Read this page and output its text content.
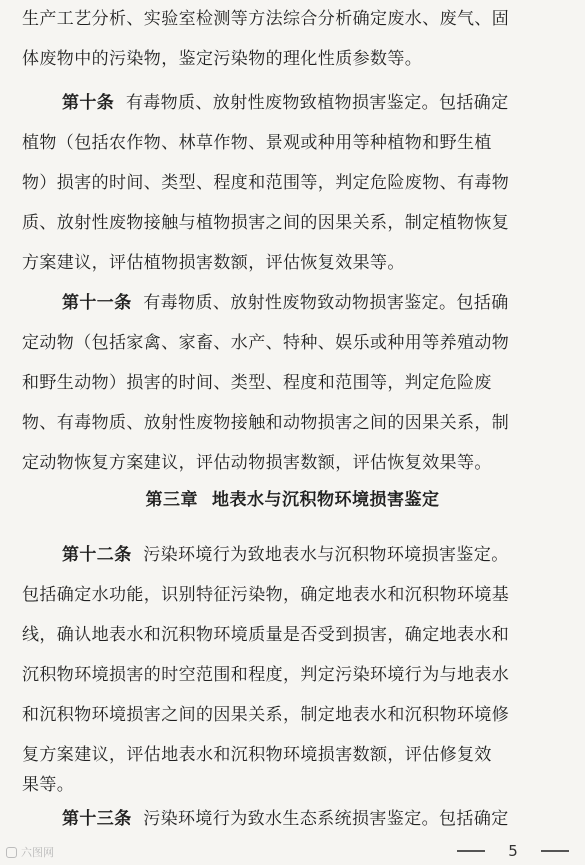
生产工艺分析、实验室检测等方法综合分析确定废水、废气、固
体废物中的污染物，鉴定污染物的理化性质参数等。
第十条 有毒物质、放射性废物致植物损害鉴定。包括确定
植物（包括农作物、林草作物、景观或种用等种植物和野生植
物）损害的时间、类型、程度和范围等，判定危险废物、有毒物
质、放射性废物接触与植物损害之间的因果关系，制定植物恢复
方案建议，评估植物损害数额，评估恢复效果等。
第十一条 有毒物质、放射性废物致动物损害鉴定。包括确
定动物（包括家禽、家畜、水产、特种、娱乐或种用等养殖动物
和野生动物）损害的时间、类型、程度和范围等，判定危险废
物、有毒物质、放射性废物接触和动物损害之间的因果关系，制
定动物恢复方案建议，评估动物损害数额，评估恢复效果等。
第三章 地表水与沉积物环境损害鉴定
第十二条 污染环境行为致地表水与沉积物环境损害鉴定。
包括确定水功能，识别特征污染物，确定地表水和沉积物环境基
线，确认地表水和沉积物环境质量是否受到损害，确定地表水和
沉积物环境损害的时空范围和程度，判定污染环境行为与地表水
和沉积物环境损害之间的因果关系，制定地表水和沉积物环境修
复方案建议，评估地表水和沉积物环境损害数额，评估修复效
果等。
第十三条 污染环境行为致水生态系统损害鉴定。包括确定
六图网	5
